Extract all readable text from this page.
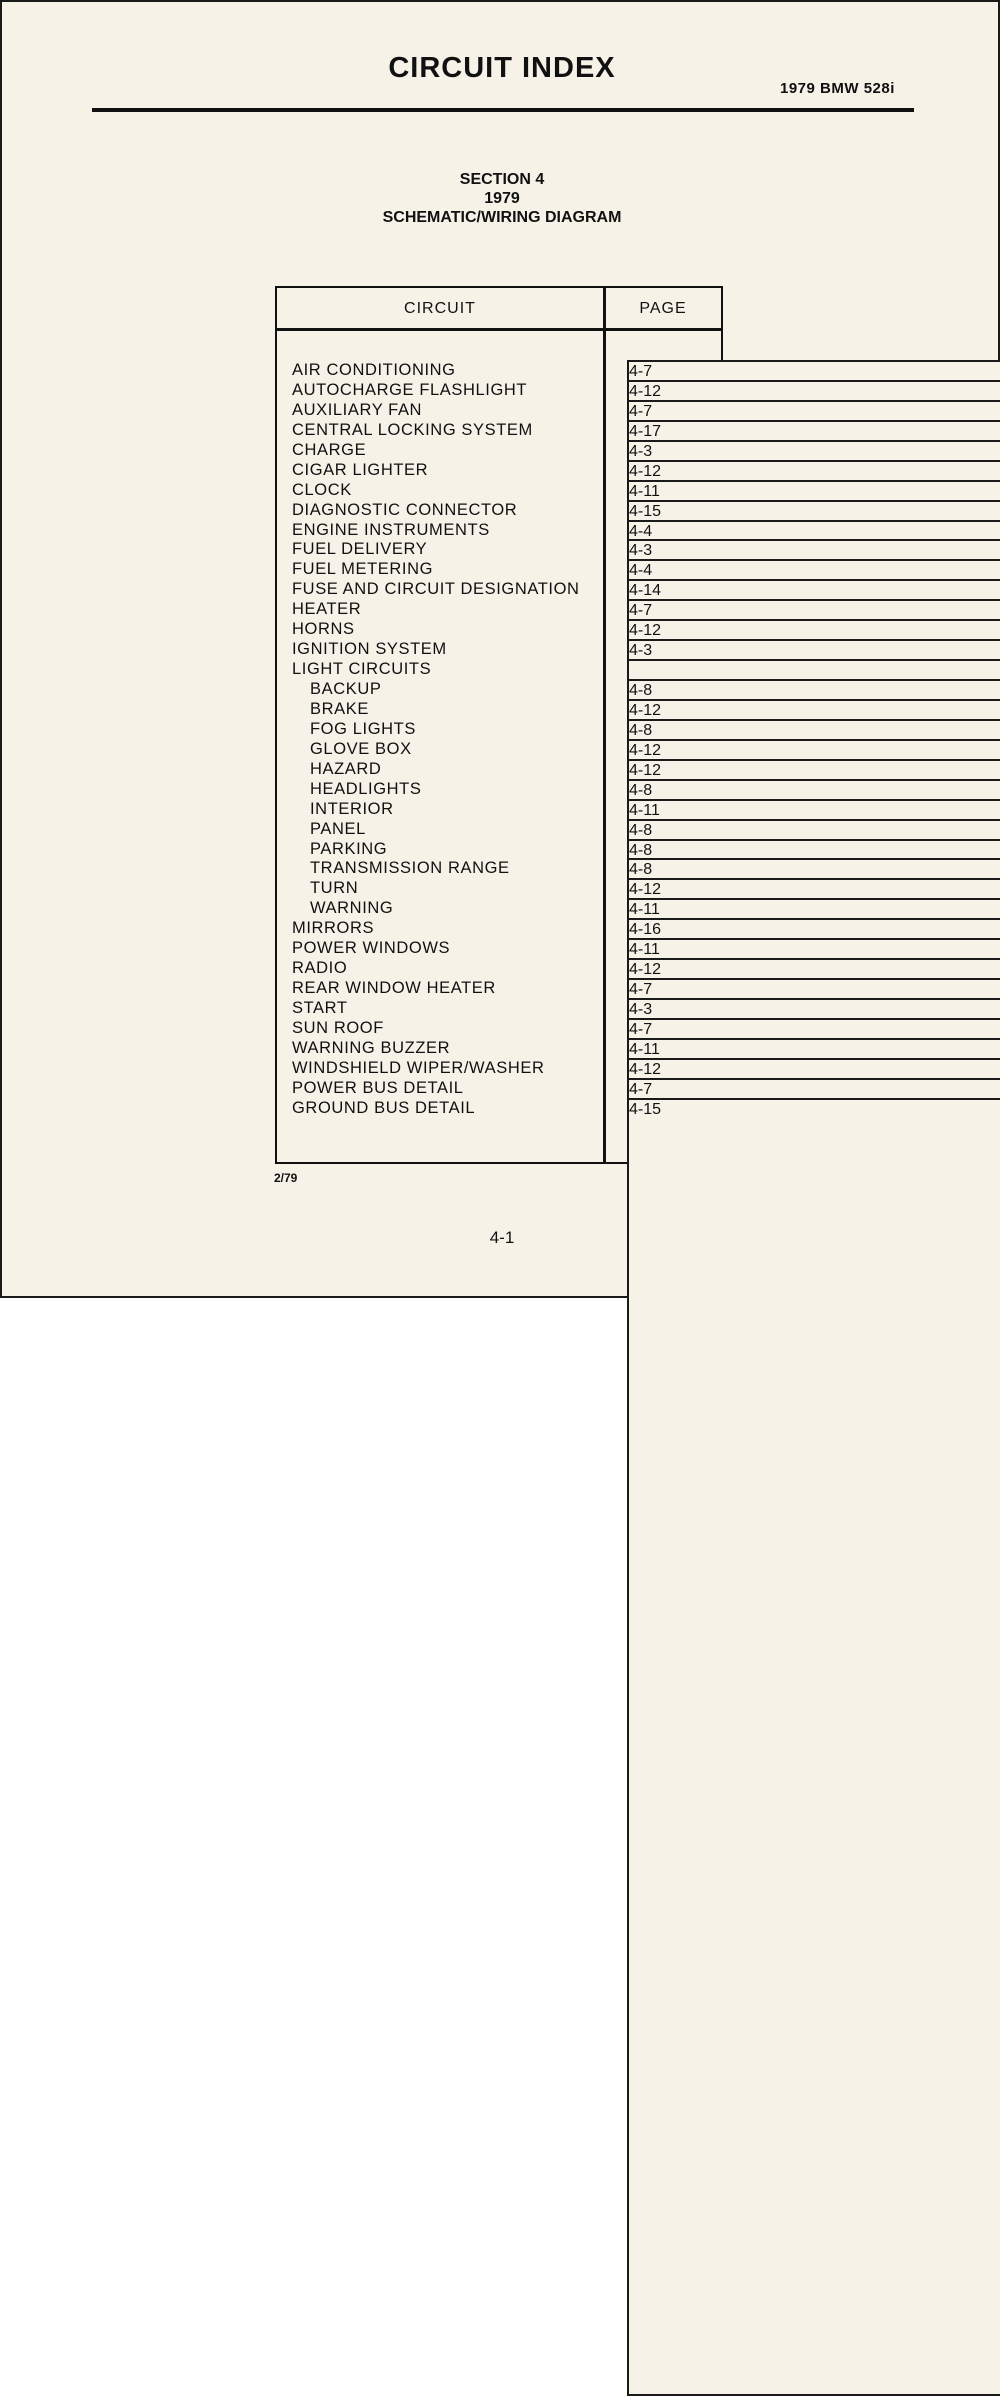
CIRCUIT INDEX
1979 BMW 528i
SECTION 4
1979
SCHEMATIC/WIRING DIAGRAM
CIRCUIT	PAGE
AIR CONDITIONING	4-7
AUTOCHARGE FLASHLIGHT	4-12
AUXILIARY FAN	4-7
CENTRAL LOCKING SYSTEM	4-17
CHARGE	4-3
CIGAR LIGHTER	4-12
CLOCK	4-11
DIAGNOSTIC CONNECTOR	4-15
ENGINE INSTRUMENTS	4-4
FUEL DELIVERY	4-3
FUEL METERING	4-4
FUSE AND CIRCUIT DESIGNATION	4-14
HEATER	4-7
HORNS	4-12
IGNITION SYSTEM	4-3
LIGHT CIRCUITS
BACKUP	4-8
BRAKE	4-12
FOG LIGHTS	4-8
GLOVE BOX	4-12
HAZARD	4-12
HEADLIGHTS	4-8
INTERIOR	4-11
PANEL	4-8
PARKING	4-8
TRANSMISSION RANGE	4-8
TURN	4-12
WARNING	4-11
MIRRORS	4-16
POWER WINDOWS	4-11
RADIO	4-12
REAR WINDOW HEATER	4-7
START	4-3
SUN ROOF	4-7
WARNING BUZZER	4-11
WINDSHIELD WIPER/WASHER	4-12
POWER BUS DETAIL	4-7
GROUND BUS DETAIL	4-15
2/79
4-1
